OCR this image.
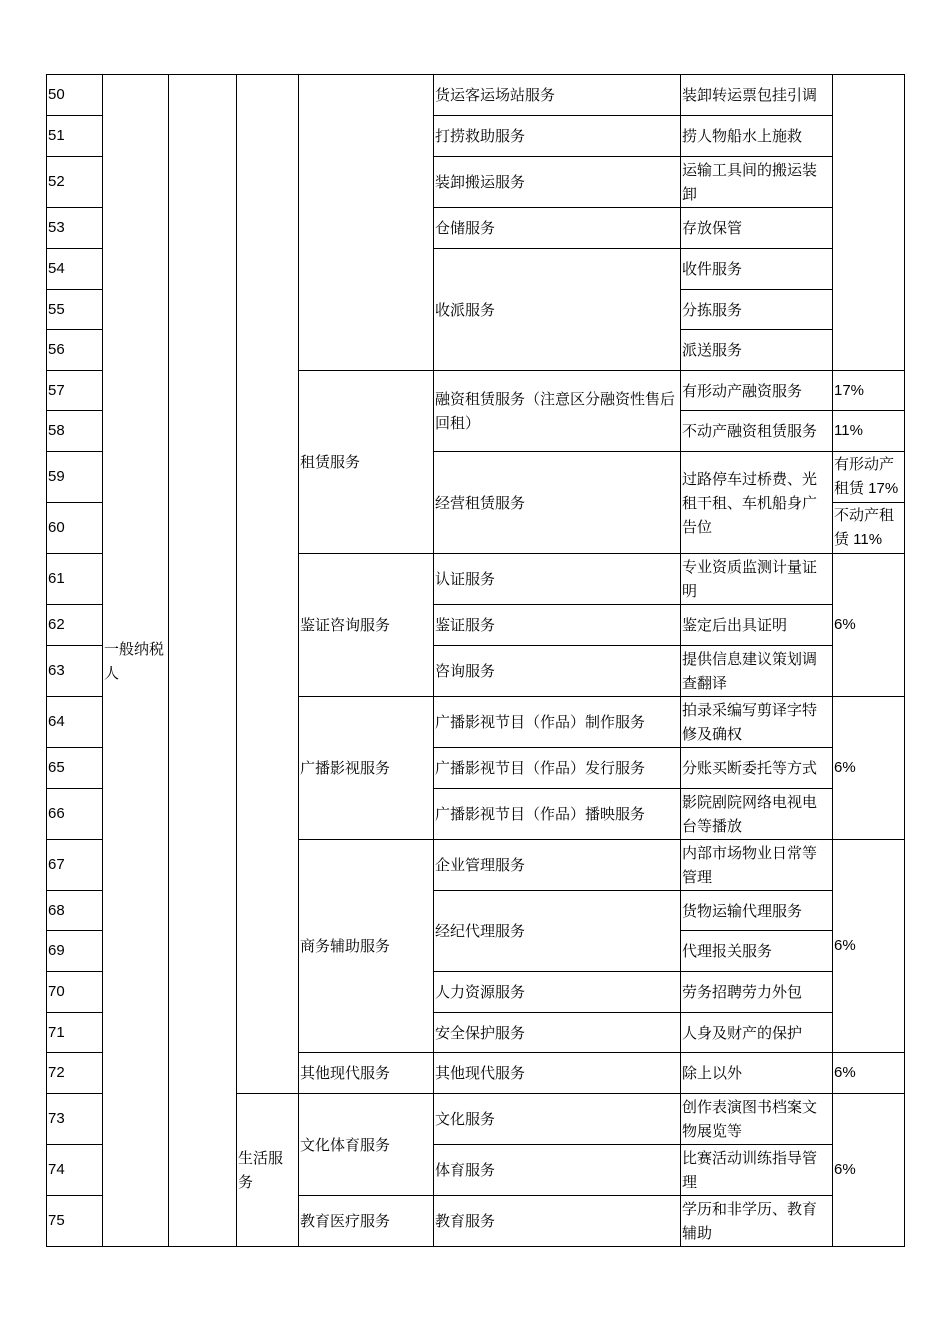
50	一般纳税人				货运客运场站服务	装卸转运票包挂引调	
51					打捞救助服务	捞人物船水上施救	
52					装卸搬运服务	运输工具间的搬运装卸	
53					仓储服务	存放保管	
54					收派服务	收件服务	
55						分拣服务	
56						派送服务	
57				租赁服务	融资租赁服务（注意区分融资性售后回租）	有形动产融资服务	17%
58						不动产融资租赁服务	11%
59					经营租赁服务	过路停车过桥费、光租干租、车机船身广告位	有形动产租赁 17%
60							不动产租赁 11%
61				鉴证咨询服务	认证服务	专业资质监测计量证明	6%
62					鉴证服务	鉴定后出具证明	
63					咨询服务	提供信息建议策划调查翻译	
64				广播影视服务	广播影视节目（作品）制作服务	拍录采编写剪译字特修及确权	6%
65					广播影视节目（作品）发行服务	分账买断委托等方式	
66					广播影视节目（作品）播映服务	影院剧院网络电视电台等播放	
67				商务辅助服务	企业管理服务	内部市场物业日常等管理	6%
68					经纪代理服务	货物运输代理服务	
69						代理报关服务	
70					人力资源服务	劳务招聘劳力外包	
71					安全保护服务	人身及财产的保护	
72				其他现代服务	其他现代服务	除上以外	6%
73			生活服务	文化体育服务	文化服务	创作表演图书档案文物展览等	6%
74					体育服务	比赛活动训练指导管理	
75				教育医疗服务	教育服务	学历和非学历、教育辅助	
